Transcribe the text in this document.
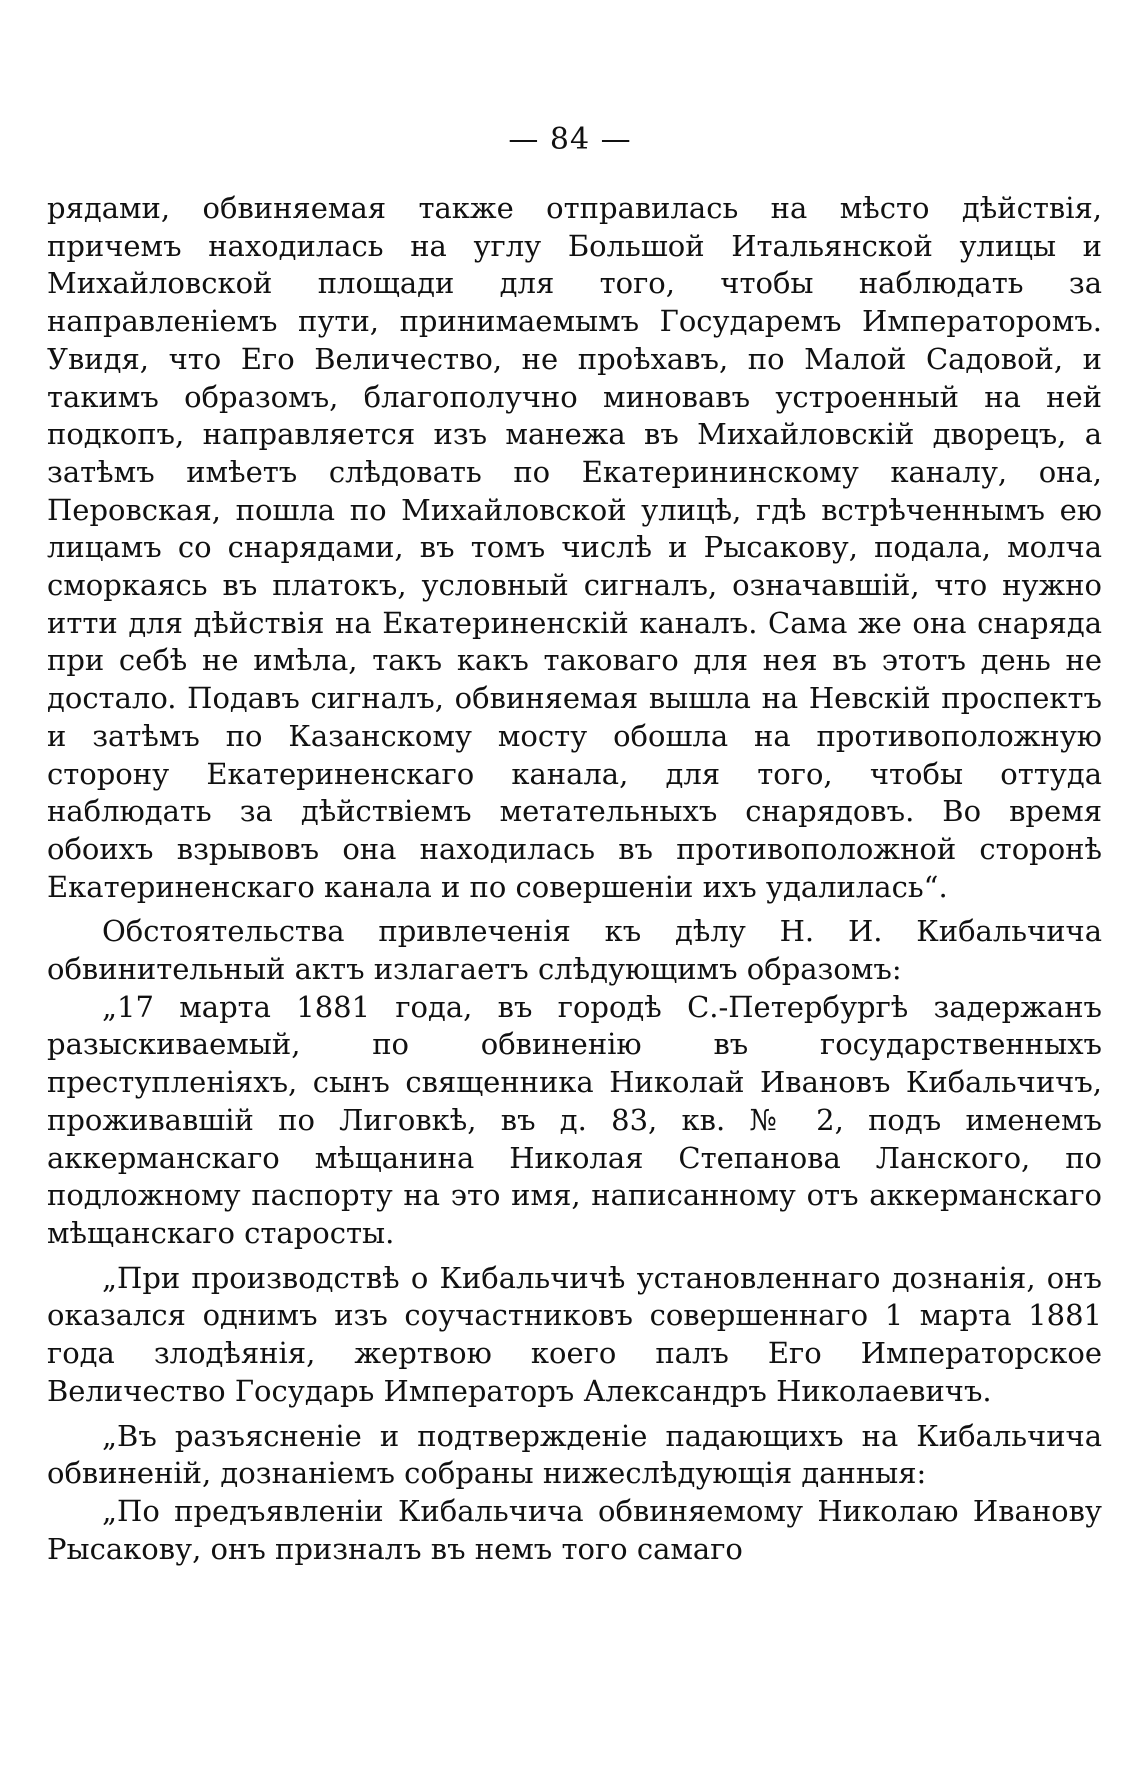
— 84 —

рядами, обвиняемая также отправилась на мѣсто дѣйствія, причемъ находилась на углу Большой Итальянской улицы и Михайловской площади для того, чтобы наблюдать за направленіемъ пути, принимаемымъ Государемъ Императоромъ. Увидя, что Его Величество, не проѣхавъ, по Малой Садовой, и такимъ образомъ, благополучно миновавъ устроенный на ней подкопъ, направляется изъ манежа въ Михайловскій дворецъ, а затѣмъ имѣетъ слѣдовать по Екатерининскому каналу, она, Перовская, пошла по Михайловской улицѣ, гдѣ встрѣченнымъ ею лицамъ со снарядами, въ томъ числѣ и Рысакову, подала, молча сморкаясь въ платокъ, условный сигналъ, означавшій, что нужно итти для дѣйствія на Екатериненскій каналъ. Сама же она снаряда при себѣ не имѣла, такъ какъ таковаго для нея въ этотъ день не досталo. Подавъ сигналъ, обвиняемая вышла на Невскій проспектъ и затѣмъ по Казанскому мосту обошла на противоположную сторону Екатериненскаго канала, для того, чтобы оттуда наблюдать за дѣйствіемъ метательныхъ снарядовъ. Во время обоихъ взрывовъ она находилась въ противоположной сторонѣ Екатериненскаго канала и по совершеніи ихъ удалилась“.

Обстоятельства привлеченія къ дѣлу Н. И. Кибальчича обвинительный актъ излагаетъ слѣдующимъ образомъ:

„17 марта 1881 года, въ городѣ С.-Петербургѣ задержанъ разыскиваемый, по обвиненію въ государственныхъ преступленіяхъ, сынъ священника Николай Ивановъ Кибальчичъ, проживавшій по Лиговкѣ, въ д. 83, кв. № 2, подъ именемъ аккерманскаго мѣщанина Николая Степанова Ланского, по подложному паспорту на это имя, написанному отъ аккерманскаго мѣщанскаго старосты.

„При производствѣ о Кибальчичѣ установленнаго дознанія, онъ оказался однимъ изъ соучастниковъ совершеннаго 1 марта 1881 года злодѣянія, жертвою коего палъ Его Императорское Величество Государь Императоръ Александръ Николаевичъ.

„Въ разъясненіе и подтвержденіе падающихъ на Кибальчича обвиненій, дознаніемъ собраны нижеслѣдующія данныя:

„По предъявленіи Кибальчича обвиняемому Николаю Иванову Рысакову, онъ призналъ въ немъ того самаго
